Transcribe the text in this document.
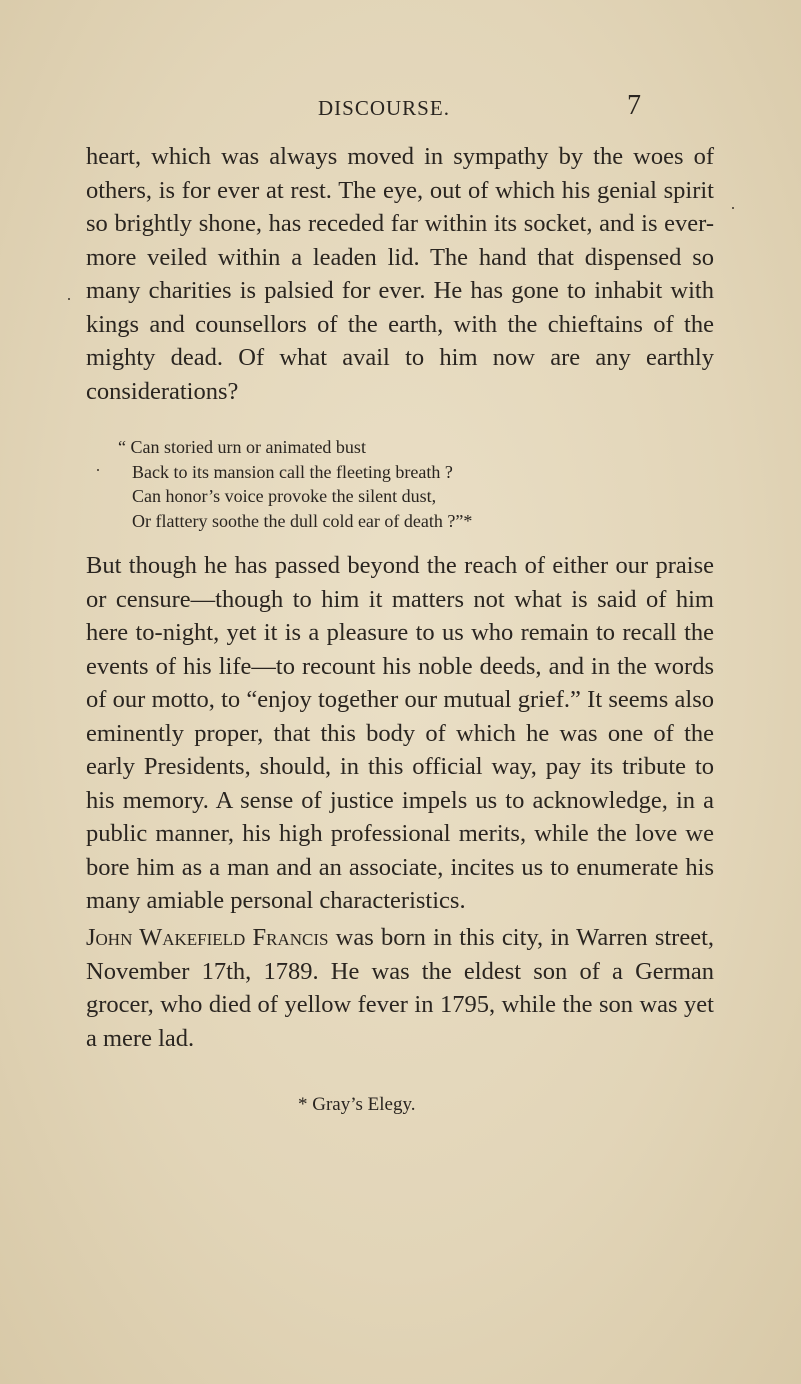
DISCOURSE.	7

heart, which was always moved in sympathy by the woes of others, is for ever at rest. The eye, out of which his genial spirit so brightly shone, has receded far within its socket, and is ever-more veiled within a leaden lid. The hand that dispensed so many charities is palsied for ever. He has gone to inhabit with kings and counsellors of the earth, with the chieftains of the mighty dead. Of what avail to him now are any earthly considerations?

“ Can storied urn or animated bust
Back to its mansion call the fleeting breath ?
Can honor’s voice provoke the silent dust,
Or flattery soothe the dull cold ear of death ?”*

But though he has passed beyond the reach of either our praise or censure—though to him it matters not what is said of him here to-night, yet it is a pleasure to us who remain to recall the events of his life—to recount his noble deeds, and in the words of our motto, to “enjoy together our mutual grief.” It seems also eminently proper, that this body of which he was one of the early Presidents, should, in this official way, pay its tribute to his memory. A sense of justice impels us to acknowledge, in a public manner, his high professional merits, while the love we bore him as a man and an associate, incites us to enumerate his many amiable personal characteristics.

John Wakefield Francis was born in this city, in Warren street, November 17th, 1789. He was the eldest son of a German grocer, who died of yellow fever in 1795, while the son was yet a mere lad.

* Gray’s Elegy.
